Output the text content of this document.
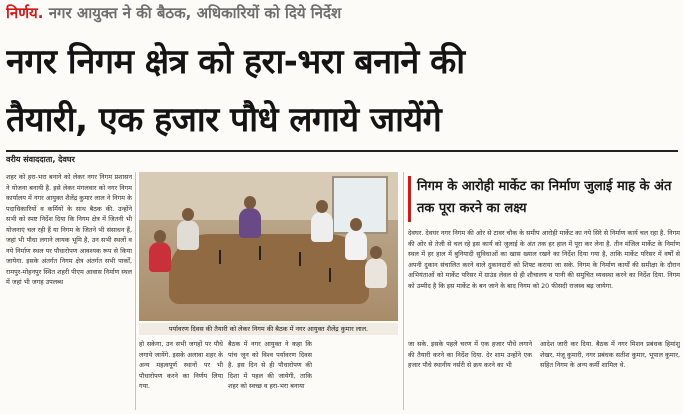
निर्णय. नगर आयुक्त ने की बैठक, अधिकारियों को दिये निर्देश
नगर निगम क्षेत्र को हरा-भरा बनाने की
तैयारी, एक हजार पौधे लगाये जायेंगे
वरीय संवाददाता, देवघर
शहर को हरा-भरा बनाने को लेकर नगर निगम प्रशासन ने योजना बनायी है. इसे लेकर मंगलवार को नगर निगम कार्यालय में नगर आयुक्त शैलेंद्र कुमार लाल ने निगम के पदाधिकारियों व कर्मियों के साथ बैठक की. उन्होंने सभी को स्पष्ट निर्देश दिया कि निगम क्षेत्र में जितनी भी योजनाएं चल रही हैं या निगम के जितने भी संसाधन हैं, जहां भी पौधा लगाने लायक भूमि है, उन सभी स्थलों व नये निर्माण स्थल पर पौधारोपण आवश्यक रूप से किया जायेगा. इसके अंतर्गत निगम क्षेत्र अंतर्गत सभी पार्कों, रामपुर-मोहनपुर स्थित शहरी पीएम आवास निर्माण स्थल में जहां भी जगह उपलब्ध
पर्यावरण दिवस की तैयारी को लेकर निगम की बैठक में नगर आयुक्त शैलेंद्र कुमार लाल.
हो सकेगा, उन सभी जगहों पर पौधे लगाये जायेंगे. इसके अलावा शहर के अन्य महत्वपूर्ण स्थानों पर भी पौधारोपण करने का निर्णय लिया गया.
बैठक में नगर आयुक्त ने कहा कि पांच जून को विश्व पर्यावरण दिवस है. इस दिन से ही पौधारोपण की दिशा में पहल की जायेगी, ताकि शहर को स्वच्छ व हरा-भरा बनाया
जा सके. इसके पहले चरण में एक हजार पौधे लगाने की तैयारी करने का निर्देश दिया. देर शाम उन्होंने एक हजार पौधे स्थानीय नर्सरी से क्रय करने का भी
आदेश जारी कर दिया. बैठक में नगर मिशन प्रबंधक हिमांशु शेखर, मंजू कुमारी, नगर प्रबंधक सतीश कुमार, भूपाल कुमार, सहित निगम के अन्य कर्मी शामिल थे.
निगम के आरोही मार्केट का निर्माण जुलाई माह के अंत तक पूरा करने का लक्ष्य
देवघर. देवघर नगर निगम की ओर से टावर चौक के समीप आरोही मार्केट का नये सिरे से निर्माण कार्य चल रहा है. निगम की ओर से तेजी से चल रहे इस कार्य को जुलाई के अंत तक हर हाल में पूरा कर लेना है. तीन मंजिल मार्केट के निर्माण स्थल में हर हाल में बुनियादी सुविधाओं का खास ख्याल रखने का निर्देश दिया गया है, ताकि मार्केट परिसर में वर्षों से अपनी दुकान संचालित करने वाले दुकानदारों को शिफ्ट कराया जा सके. निगम के निर्माण कार्यों की समीक्षा के दौरान अभियंताओं को मार्केट परिसर में ग्राउंड लेवल से ही शौचालय व पानी की समुचित व्यवस्था करने का निर्देश दिया. निगम को उम्मीद है कि इस मार्केट के बन जाने के बाद निगम को 20 फीसदी राजस्व बढ़ जायेगा.
